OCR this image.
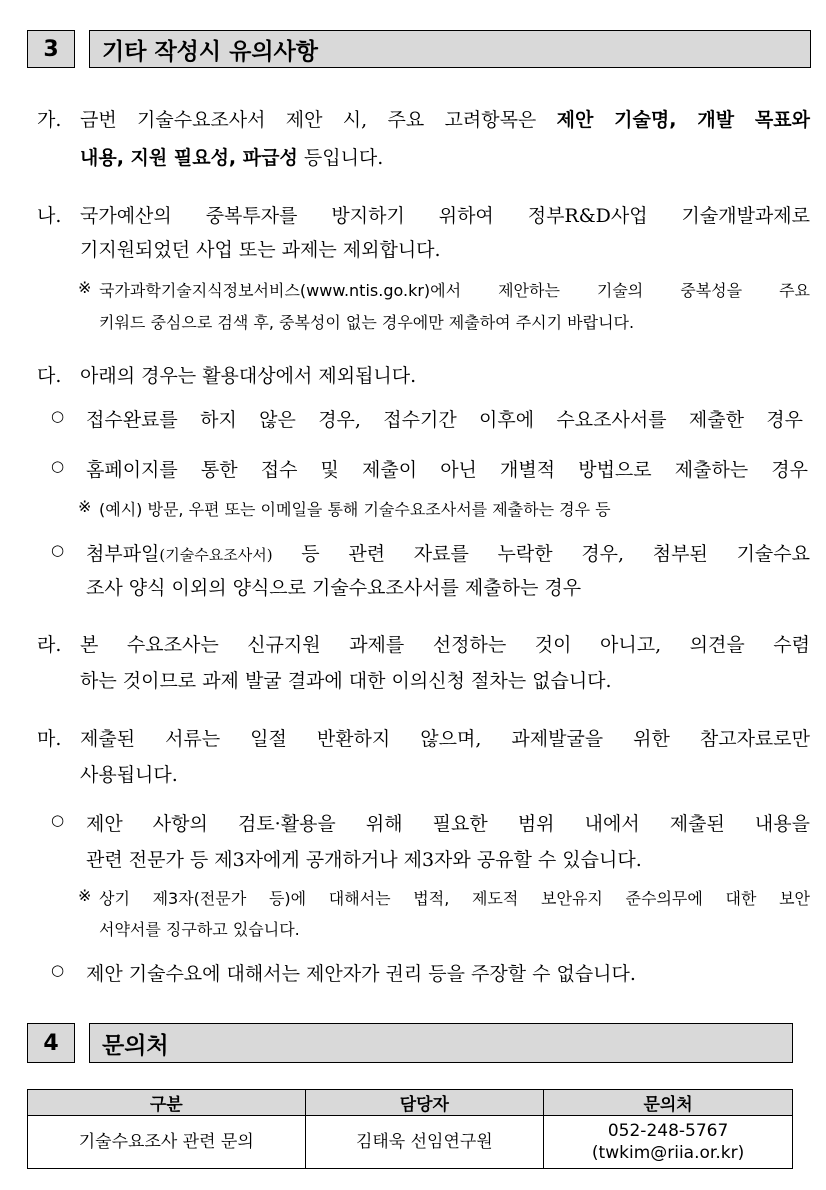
3	기타 작성시 유의사항
가. 금번 기술수요조사서 제안 시, 주요 고려항목은 제안 기술명, 개발 목표와
내용, 지원 필요성, 파급성 등입니다.
나. 국가예산의 중복투자를 방지하기 위하여 정부R&D사업 기술개발과제로
기지원되었던 사업 또는 과제는 제외합니다.
※ 국가과학기술지식정보서비스(www.ntis.go.kr)에서 제안하는 기술의 중복성을 주요
키워드 중심으로 검색 후, 중복성이 없는 경우에만 제출하여 주시기 바랍니다.
다. 아래의 경우는 활용대상에서 제외됩니다.
○ 접수완료를 하지 않은 경우, 접수기간 이후에 수요조사서를 제출한 경우
○ 홈페이지를 통한 접수 및 제출이 아닌 개별적 방법으로 제출하는 경우
※ (예시) 방문, 우편 또는 이메일을 통해 기술수요조사서를 제출하는 경우 등
○ 첨부파일(기술수요조사서) 등 관련 자료를 누락한 경우, 첨부된 기술수요
조사 양식 이외의 양식으로 기술수요조사서를 제출하는 경우
라. 본 수요조사는 신규지원 과제를 선정하는 것이 아니고, 의견을 수렴
하는 것이므로 과제 발굴 결과에 대한 이의신청 절차는 없습니다.
마. 제출된 서류는 일절 반환하지 않으며, 과제발굴을 위한 참고자료로만
사용됩니다.
○ 제안 사항의 검토·활용을 위해 필요한 범위 내에서 제출된 내용을
관련 전문가 등 제3자에게 공개하거나 제3자와 공유할 수 있습니다.
※ 상기 제3자(전문가 등)에 대해서는 법적, 제도적 보안유지 준수의무에 대한 보안
서약서를 징구하고 있습니다.
○ 제안 기술수요에 대해서는 제안자가 권리 등을 주장할 수 없습니다.
4	문의처
구분	담당자	문의처
기술수요조사 관련 문의	김태욱 선임연구원	052-248-5767
(twkim@riia.or.kr)
